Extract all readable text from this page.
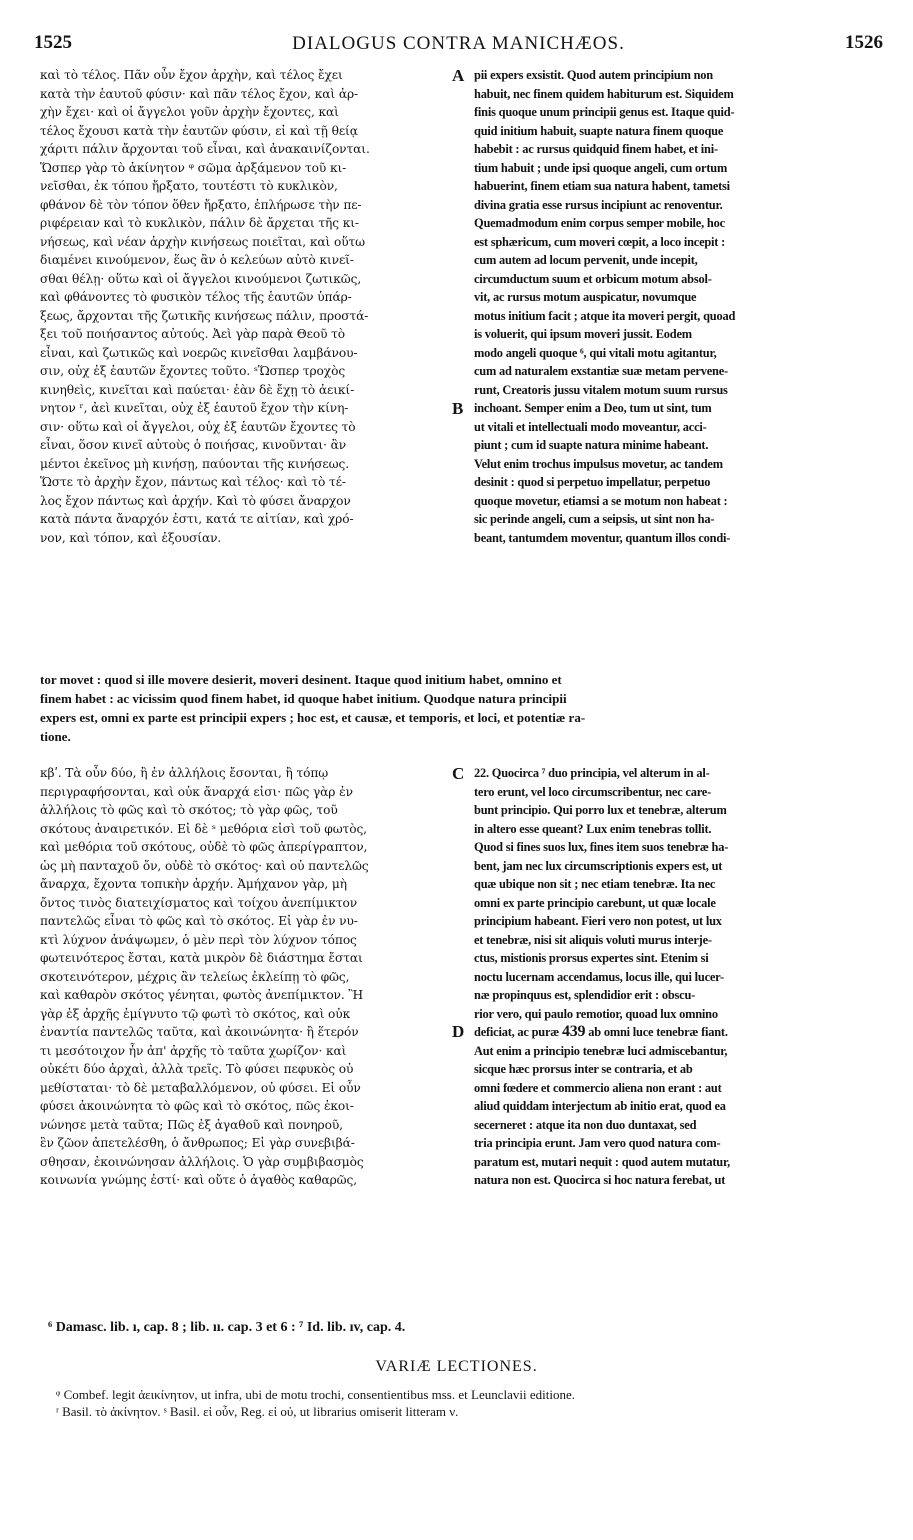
1525	DIALOGUS CONTRA MANICHÆOS.	1526
καὶ τὸ τέλος. Πᾶν οὖν ἔχον ἀρχὴν, καὶ τέλος ἔχει
κατὰ τὴν ἑαυτοῦ φύσιν· καὶ πᾶν τέλος ἔχον, καὶ ἀρ-
χὴν ἔχει· καὶ οἱ ἄγγελοι γοῦν ἀρχὴν ἔχοντες, καὶ
τέλος ἔχουσι κατὰ τὴν ἑαυτῶν φύσιν, εἰ καὶ τῇ θείᾳ
χάριτι πάλιν ἄρχονται τοῦ εἶναι, καὶ ἀνακαινίζονται.
Ὥσπερ γὰρ τὸ ἀκίνητον ᵠ σῶμα ἀρξάμενον τοῦ κι-
νεῖσθαι, ἐκ τόπου ἤρξατο, τουτέστι τὸ κυκλικὸν,
φθάνον δὲ τὸν τόπον ὅθεν ἤρξατο, ἐπλήρωσε τὴν πε-
ριφέρειαν καὶ τὸ κυκλικὸν, πάλιν δὲ ἄρχεται τῆς κι-
νήσεως, καὶ νέαν ἀρχὴν κινήσεως ποιεῖται, καὶ οὕτω
διαμένει κινούμενον, ἕως ἂν ὁ κελεύων αὐτὸ κινεῖ-
σθαι θέλῃ· οὕτω καὶ οἱ ἄγγελοι κινούμενοι ζωτικῶς,
καὶ φθάνοντες τὸ φυσικὸν τέλος τῆς ἑαυτῶν ὑπάρ-
ξεως, ἄρχονται τῆς ζωτικῆς κινήσεως πάλιν, προστά-
ξει τοῦ ποιήσαντος αὐτούς. Ἀεὶ γὰρ παρὰ Θεοῦ τὸ
εἶναι, καὶ ζωτικῶς καὶ νοερῶς κινεῖσθαι λαμβάνου-
σιν, οὐχ ἐξ ἑαυτῶν ἔχοντες τοῦτο. ˢὭσπερ τροχὸς
κινηθεὶς, κινεῖται καὶ παύεται· ἐὰν δὲ ἔχῃ τὸ ἀεικί-
νητον ʳ, ἀεὶ κινεῖται, οὐχ ἐξ ἑαυτοῦ ἔχον τὴν κίνη-
σιν· οὕτω καὶ οἱ ἄγγελοι, οὐχ ἐξ ἑαυτῶν ἔχοντες τὸ
εἶναι, ὅσον κινεῖ αὐτοὺς ὁ ποιήσας, κινοῦνται· ἂν
μέντοι ἐκεῖνος μὴ κινήσῃ, παύονται τῆς κινήσεως.
Ὥστε τὸ ἀρχὴν ἔχον, πάντως καὶ τέλος· καὶ τὸ τέ-
λος ἔχον πάντως καὶ ἀρχήν. Καὶ τὸ φύσει ἄναρχον
κατὰ πάντα ἄναρχόν ἐστι, κατά τε αἰτίαν, καὶ χρό-
νον, καὶ τόπον, καὶ ἐξουσίαν.
pii expers exsistit. Quod autem principium non
habuit, nec finem quidem habiturum est. Siquidem
finis quoque unum principii genus est. Itaque quid-
quid initium habuit, suapte natura finem quoque
habebit : ac rursus quidquid finem habet, et ini-
tium habuit ; unde ipsi quoque angeli, cum ortum
habuerint, finem etiam sua natura habent, tametsi
divina gratia esse rursus incipiunt ac renoventur.
Quemadmodum enim corpus semper mobile, hoc
est sphæricum, cum moveri cœpit, a loco incepit :
cum autem ad locum pervenit, unde incepit,
circumductum suum et orbicum motum absol-
vit, ac rursus motum auspicatur, novumque
motus initium facit ; atque ita moveri pergit, quoad
is voluerit, qui ipsum moveri jussit. Eodem
modo angeli quoque ⁶, qui vitali motu agitantur,
cum ad naturalem exstantiæ suæ metam pervene-
runt, Creatoris jussu vitalem motum suum rursus
inchoant. Semper enim a Deo, tum ut sint, tum
ut vitali et intellectuali modo moveantur, acci-
piunt ; cum id suapte natura minime habeant.
Velut enim trochus impulsus movetur, ac tandem
desinit : quod si perpetuo impellatur, perpetuo
quoque movetur, etiamsi a se motum non habeat :
sic perinde angeli, cum a seipsis, ut sint non ha-
beant, tantumdem moventur, quantum illos condi-
A
B
C
D
tor movet : quod si ille movere desierit, moveri desinent. Itaque quod initium habet, omnino et
finem habet : ac vicissim quod finem habet, id quoque habet initium. Quodque natura principii
expers est, omni ex parte est principii expers ; hoc est, et causæ, et temporis, et loci, et potentiæ ra-
tione.
κβʹ. Τὰ οὖν δύο, ἢ ἐν ἀλλήλοις ἔσονται, ἢ τόπῳ
περιγραφήσονται, καὶ οὐκ ἄναρχά εἰσι· πῶς γὰρ ἐν
ἀλλήλοις τὸ φῶς καὶ τὸ σκότος; τὸ γὰρ φῶς, τοῦ
σκότους ἀναιρετικόν. Εἰ δὲ ˢ μεθόρια εἰσὶ τοῦ φωτὸς,
καὶ μεθόρια τοῦ σκότους, οὐδὲ τὸ φῶς ἀπερίγραπτον,
ὡς μὴ πανταχοῦ ὄν, οὐδὲ τὸ σκότος· καὶ οὐ παντελῶς
ἄναρχα, ἔχοντα τοπικὴν ἀρχήν. Ἀμήχανον γὰρ, μὴ
ὄντος τινὸς διατειχίσματος καὶ τοίχου ἀνεπίμικτον
παντελῶς εἶναι τὸ φῶς καὶ τὸ σκότος. Εἰ γὰρ ἐν νυ-
κτὶ λύχνον ἀνάψωμεν, ὁ μὲν περὶ τὸν λύχνον τόπος
φωτεινότερος ἔσται, κατὰ μικρὸν δὲ διάστημα ἔσται
σκοτεινότερον, μέχρις ἂν τελείως ἐκλείπῃ τὸ φῶς,
καὶ καθαρὸν σκότος γένηται, φωτὸς ἀνεπίμικτον. Ἢ
γὰρ ἐξ ἀρχῆς ἐμίγνυτο τῷ φωτὶ τὸ σκότος, καὶ οὐκ
ἐναντία παντελῶς ταῦτα, καὶ ἀκοινώνητα· ἢ ἕτερόν
τι μεσότοιχον ἦν ἀπ' ἀρχῆς τὸ ταῦτα χωρίζον· καὶ
οὐκέτι δύο ἀρχαὶ, ἀλλὰ τρεῖς. Τὸ φύσει πεφυκὸς οὐ
μεθίσταται· τὸ δὲ μεταβαλλόμενον, οὐ φύσει. Εἰ οὖν
φύσει ἀκοινώνητα τὸ φῶς καὶ τὸ σκότος, πῶς ἐκοι-
νώνησε μετὰ ταῦτα; Πῶς ἐξ ἀγαθοῦ καὶ πονηροῦ,
ἓν ζῶον ἀπετελέσθη, ὁ ἄνθρωπος; Εἰ γὰρ συνεβιβά-
σθησαν, ἐκοινώνησαν ἀλλήλοις. Ὁ γὰρ συμβιβασμὸς
κοινωνία γνώμης ἐστί· καὶ οὔτε ὁ ἀγαθὸς καθαρῶς,
22. Quocirca ⁷ duo principia, vel alterum in al-
tero erunt, vel loco circumscribentur, nec care-
bunt principio. Qui porro lux et tenebræ, alterum
in altero esse queant? Lux enim tenebras tollit.
Quod si fines suos lux, fines item suos tenebræ ha-
bent, jam nec lux circumscriptionis expers est, ut
quæ ubique non sit ; nec etiam tenebræ. Ita nec
omni ex parte principio carebunt, ut quæ locale
principium habeant. Fieri vero non potest, ut lux
et tenebræ, nisi sit aliquis voluti murus interje-
ctus, mistionis prorsus expertes sint. Etenim si
noctu lucernam accendamus, locus ille, qui lucer-
næ propinquus est, splendidior erit : obscu-
rior vero, qui paulo remotior, quoad lux omnino
deficiat, ac puræ 439 ab omni luce tenebræ fiant.
Aut enim a principio tenebræ luci admiscebantur,
sicque hæc prorsus inter se contraria, et ab
omni fœdere et commercio aliena non erant : aut
aliud quiddam interjectum ab initio erat, quod ea
secerneret : atque ita non duo duntaxat, sed
tria principia erunt. Jam vero quod natura com-
paratum est, mutari nequit : quod autem mutatur,
natura non est. Quocirca si hoc natura ferebat, ut
⁶ Damasc. lib. ı, cap. 8 ; lib. ıı. cap. 3 et 6 : ⁷ Id. lib. ıv, cap. 4.
VARIÆ LECTIONES.
ᵠ Combef. legit ἀεικίνητον, ut infra, ubi de motu trochi, consentientibus mss. et Leunclavii editione.
ʳ Basil. τὸ ἀκίνητον. ˢ Basil. εἰ οὖν, Reg. εἰ οὐ, ut librarius omiserit litteram ν.
